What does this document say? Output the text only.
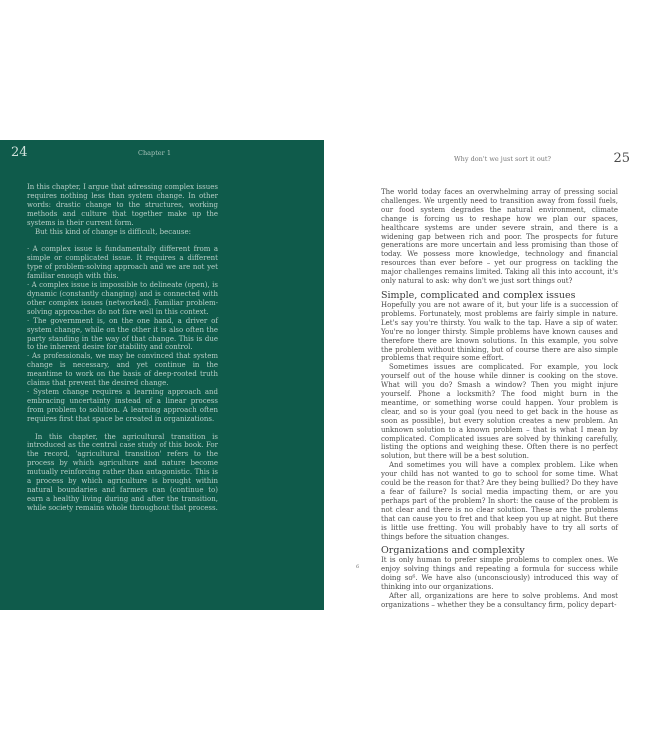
24	Chapter 1

In this chapter, I argue that adressing complex issues requires nothing less than system change. In other words: drastic change to the structures, working methods and culture that together make up the systems in their current form.

But this kind of change is difficult, because:

· A complex issue is fundamentally different from a simple or complicated issue. It requires a different type of problem-solving approach and we are not yet familiar enough with this.

· A complex issue is impossible to delineate (open), is dynamic (constantly changing) and is connected with other complex issues (networked). Familiar problem-solving approaches do not fare well in this context.

· The government is, on the one hand, a driver of system change, while on the other it is also often the party standing in the way of that change. This is due to the inherent desire for stability and control.

· As professionals, we may be convinced that system change is necessary, and yet continue in the meantime to work on the basis of deep-rooted truth claims that prevent the desired change.

· System change requires a learning approach and embracing uncertainty instead of a linear process from problem to solution. A learning approach often requires first that space be created in organizations.

In this chapter, the agricultural transition is introduced as the central case study of this book. For the record, 'agricultural transition' refers to the process by which agriculture and nature become mutually reinforcing rather than antagonistic. This is a process by which agriculture is brought within natural boundaries and farmers can (continue to) earn a healthy living during and after the transition, while society remains whole throughout that process.

Why don't we just sort it out?	25
6

The world today faces an overwhelming array of pressing social challenges. We urgently need to transition away from fossil fuels, our food system degrades the natural environment, climate change is forcing us to reshape how we plan our spaces, healthcare systems are under severe strain, and there is a widening gap between rich and poor. The prospects for future generations are more uncertain and less promising than those of today. We possess more knowledge, technology and financial resources than ever before – yet our progress on tackling the major challenges remains limited. Taking all this into account, it's only natural to ask: why don't we just sort things out?

Simple, complicated and complex issues

Hopefully you are not aware of it, but your life is a succession of problems. Fortunately, most problems are fairly simple in nature. Let's say you're thirsty. You walk to the tap. Have a sip of water. You're no longer thirsty. Simple problems have known causes and therefore there are known solutions. In this example, you solve the problem without thinking, but of course there are also simple problems that require some effort.

Sometimes issues are complicated. For example, you lock yourself out of the house while dinner is cooking on the stove. What will you do? Smash a window? Then you might injure yourself. Phone a locksmith? The food might burn in the meantime, or something worse could happen. Your problem is clear, and so is your goal (you need to get back in the house as soon as possible), but every solution creates a new problem. An unknown solution to a known problem – that is what I mean by complicated. Complicated issues are solved by thinking carefully, listing the options and weighing these. Often there is no perfect solution, but there will be a best solution.

And sometimes you will have a complex problem. Like when your child has not wanted to go to school for some time. What could be the reason for that? Are they being bullied? Do they have a fear of failure? Is social media impacting them, or are you perhaps part of the problem? In short: the cause of the problem is not clear and there is no clear solution. These are the problems that can cause you to fret and that keep you up at night. But there is little use fretting. You will probably have to try all sorts of things before the situation changes.

Organizations and complexity

It is only human to prefer simple problems to complex ones. We enjoy solving things and repeating a formula for success while doing so⁶. We have also (unconsciously) introduced this way of thinking into our organizations.

After all, organizations are here to solve problems. And most organizations – whether they be a consultancy firm, policy depart-
